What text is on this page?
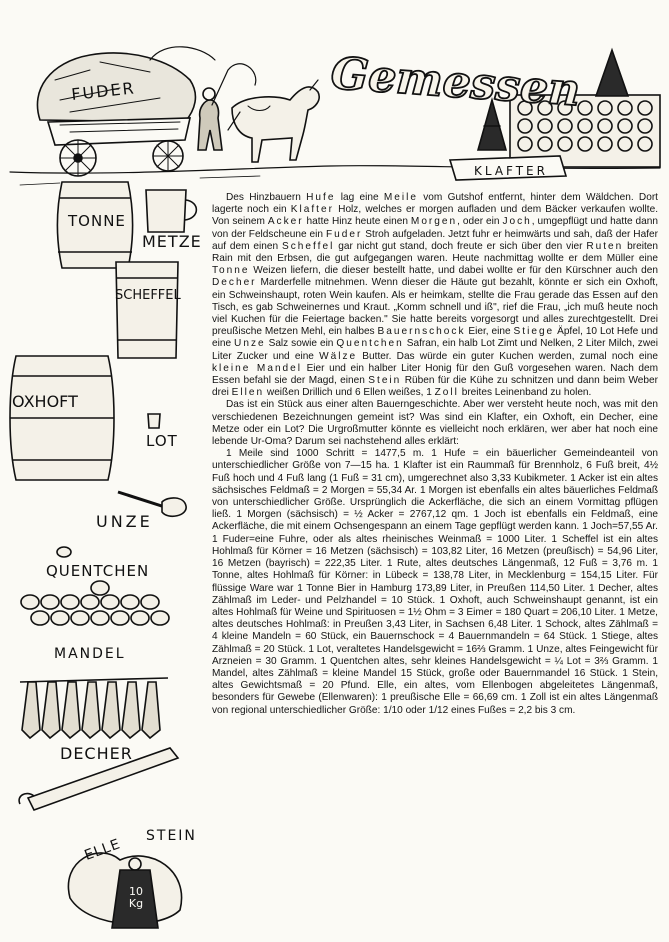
FUDER	Gemessen
KLAFTER
TONNE
METZE
SCHEFFEL
OXHOFT
LOT
UNZE
QUENTCHEN
MANDEL
DECHER
STEIN
ELLE
10 Kg

Des Hinzbauern Hufe lag eine Meile vom Gutshof entfernt, hinter dem Wäldchen. Dort lagerte noch ein Klafter Holz, welches er morgen aufladen und dem Bäcker verkaufen wollte. Von seinem Acker hatte Hinz heute einen Morgen, oder ein Joch, umgepflügt und hatte dann von der Feldscheune ein Fuder Stroh aufgeladen. Jetzt fuhr er heimwärts und sah, daß der Hafer auf dem einen Scheffel gar nicht gut stand, doch freute er sich über den vier Ruten breiten Rain mit den Erbsen, die gut aufgegangen waren. Heute nachmittag wollte er dem Müller eine Tonne Weizen liefern, die dieser bestellt hatte, und dabei wollte er für den Kürschner auch den Decher Marderfelle mitnehmen. Wenn dieser die Häute gut bezahlt, könnte er sich ein Oxhoft, ein Schweinshaupt, roten Wein kaufen. Als er heimkam, stellte die Frau gerade das Essen auf den Tisch, es gab Schweinernes und Kraut. „Komm schnell und iß", rief die Frau, „ich muß heute noch viel Kuchen für die Feiertage backen." Sie hatte bereits vorgesorgt und alles zurechtgestellt. Drei preußische Metzen Mehl, ein halbes Bauernschock Eier, eine Stiege Äpfel, 10 Lot Hefe und eine Unze Salz sowie ein Quentchen Safran, ein halb Lot Zimt und Nelken, 2 Liter Milch, zwei Liter Zucker und eine Wälze Butter. Das würde ein guter Kuchen werden, zumal noch eine kleine Mandel Eier und ein halber Liter Honig für den Guß vorgesehen waren. Nach dem Essen befahl sie der Magd, einen Stein Rüben für die Kühe zu schnitzen und dann beim Weber drei Ellen weißen Drillich und 6 Ellen weißes, 1 Zoll breites Leinenband zu holen.

Das ist ein Stück aus einer alten Bauerngeschichte. Aber wer versteht heute noch, was mit den verschiedenen Bezeichnungen gemeint ist? Was sind ein Klafter, ein Oxhoft, ein Decher, eine Metze oder ein Lot? Die Urgroßmutter könnte es vielleicht noch erklären, wer aber hat noch eine lebende Ur-Oma? Darum sei nachstehend alles erklärt:

1 Meile sind 1000 Schritt = 1477,5 m. 1 Hufe = ein bäuerlicher Gemeindeanteil von unterschiedlicher Größe von 7—15 ha. 1 Klafter ist ein Raummaß für Brennholz, 6 Fuß breit, 4½ Fuß hoch und 4 Fuß lang (1 Fuß = 31 cm), umgerechnet also 3,33 Kubikmeter. 1 Acker ist ein altes sächsisches Feldmaß = 2 Morgen = 55,34 Ar. 1 Morgen ist ebenfalls ein altes bäuerliches Feldmaß von unterschiedlicher Größe. Ursprünglich die Ackerfläche, die sich an einem Vormittag pflügen ließ. 1 Morgen (sächsisch) = ½ Acker = 2767,12 qm. 1 Joch ist ebenfalls ein Feldmaß, eine Ackerfläche, die mit einem Ochsengespann an einem Tage gepflügt werden kann. 1 Joch=57,55 Ar. 1 Fuder=eine Fuhre, oder als altes rheinisches Weinmaß = 1000 Liter. 1 Scheffel ist ein altes Hohlmaß für Körner = 16 Metzen (sächsisch) = 103,82 Liter, 16 Metzen (preußisch) = 54,96 Liter, 16 Metzen (bayrisch) = 222,35 Liter. 1 Rute, altes deutsches Längenmaß, 12 Fuß = 3,76 m. 1 Tonne, altes Hohlmaß für Körner: in Lübeck = 138,78 Liter, in Mecklenburg = 154,15 Liter. Für flüssige Ware war 1 Tonne Bier in Hamburg 173,89 Liter, in Preußen 114,50 Liter. 1 Decher, altes Zählmaß im Leder- und Pelzhandel = 10 Stück. 1 Oxhoft, auch Schweinshaupt genannt, ist ein altes Hohlmaß für Weine und Spirituosen = 1½ Ohm = 3 Eimer = 180 Quart = 206,10 Liter. 1 Metze, altes deutsches Hohlmaß: in Preußen 3,43 Liter, in Sachsen 6,48 Liter. 1 Schock, altes Zählmaß = 4 kleine Mandeln = 60 Stück, ein Bauernschock = 4 Bauernmandeln = 64 Stück. 1 Stiege, altes Zählmaß = 20 Stück. 1 Lot, veraltetes Handelsgewicht = 16⅔ Gramm. 1 Unze, altes Feingewicht für Arzneien = 30 Gramm. 1 Quentchen altes, sehr kleines Handelsgewicht = ¼ Lot = 3⅔ Gramm. 1 Mandel, altes Zählmaß = kleine Mandel 15 Stück, große oder Bauernmandel 16 Stück. 1 Stein, altes Gewichtsmaß = 20 Pfund. Elle, ein altes, vom Ellenbogen abgeleitetes Längenmaß, besonders für Gewebe (Ellenwaren): 1 preußische Elle = 66,69 cm. 1 Zoll ist ein altes Längenmaß von regional unterschiedlicher Größe: 1/10 oder 1/12 eines Fußes = 2,2 bis 3 cm.
